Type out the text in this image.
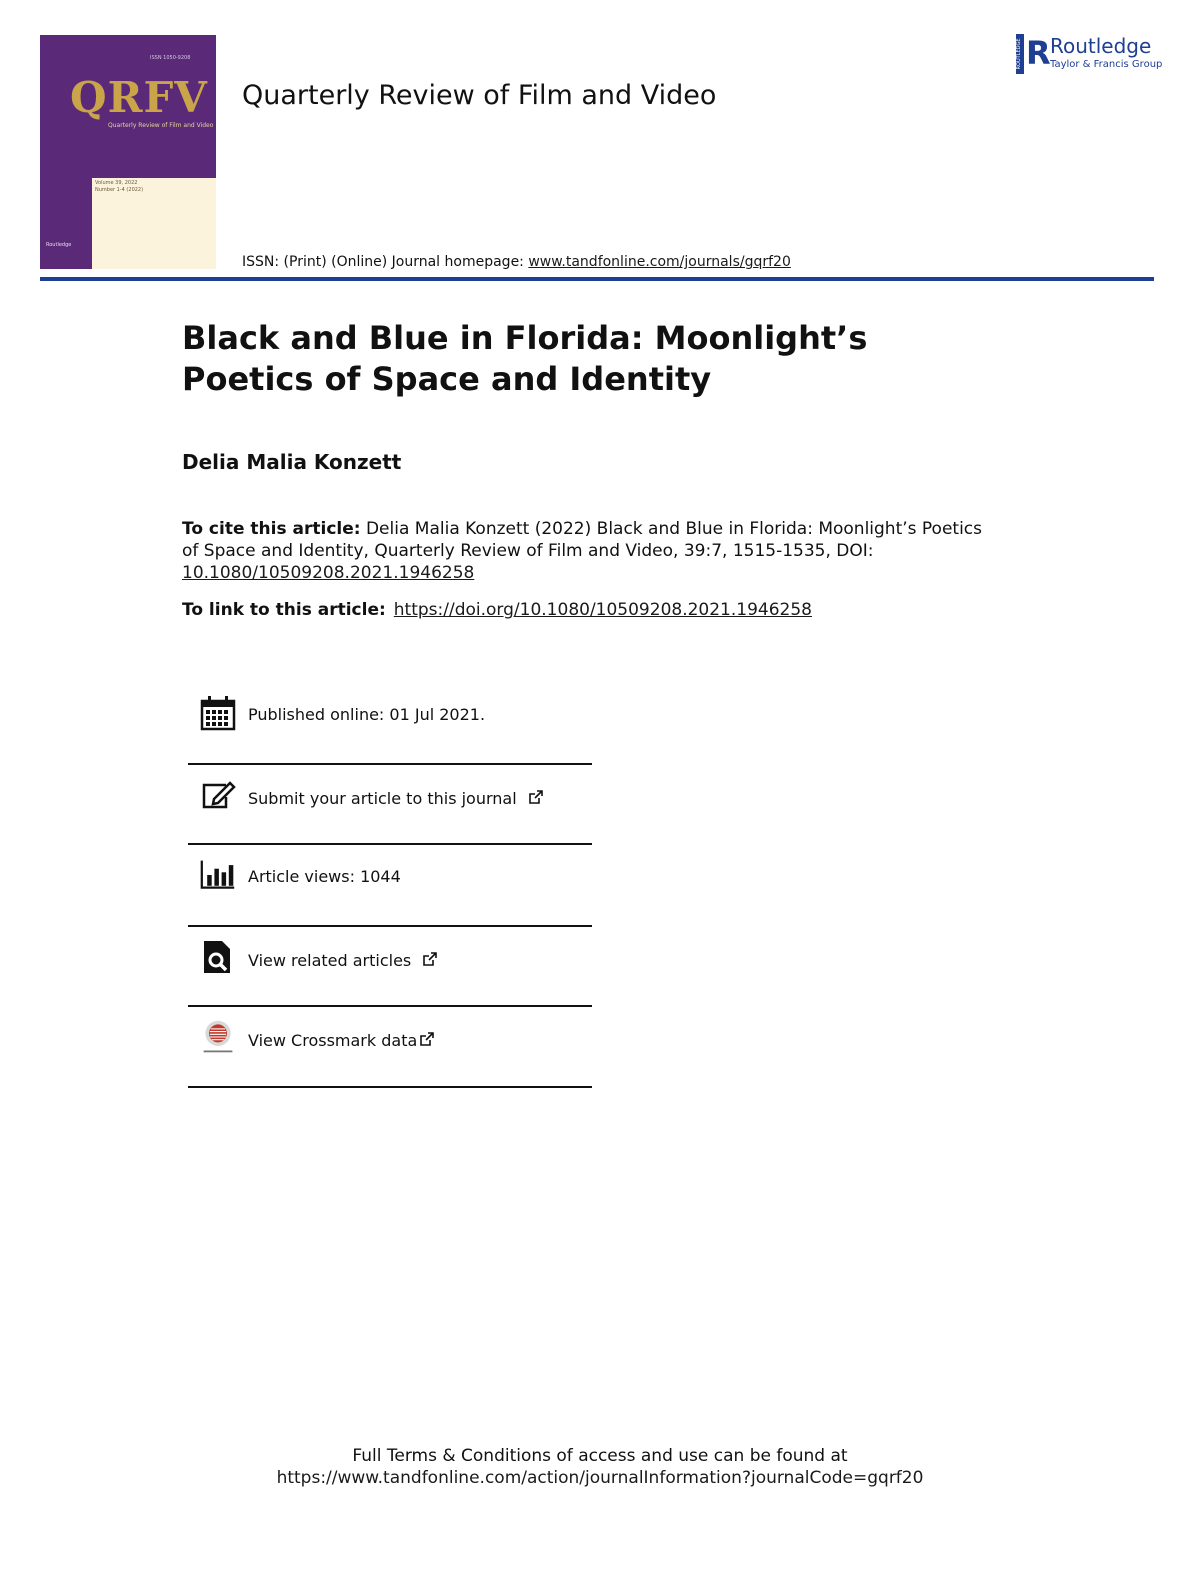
ISSN 1050-9208
QRFV
Quarterly Review of Film and Video
Volume 39, 2022
Number 1-4 (2022)
Routledge
Quarterly Review of Film and Video
ROUTLEDGE R Routledge
Taylor & Francis Group
ISSN: (Print) (Online) Journal homepage: www.tandfonline.com/journals/gqrf20
Black and Blue in Florida: Moonlight’s Poetics of Space and Identity
Delia Malia Konzett
To cite this article: Delia Malia Konzett (2022) Black and Blue in Florida: Moonlight’s Poetics of Space and Identity, Quarterly Review of Film and Video, 39:7, 1515-1535, DOI: 10.1080/10509208.2021.1946258
To link to this article: https://doi.org/10.1080/10509208.2021.1946258
Published online: 01 Jul 2021.
Submit your article to this journal
Article views: 1044
View related articles
View Crossmark data
Full Terms & Conditions of access and use can be found at
https://www.tandfonline.com/action/journalInformation?journalCode=gqrf20
